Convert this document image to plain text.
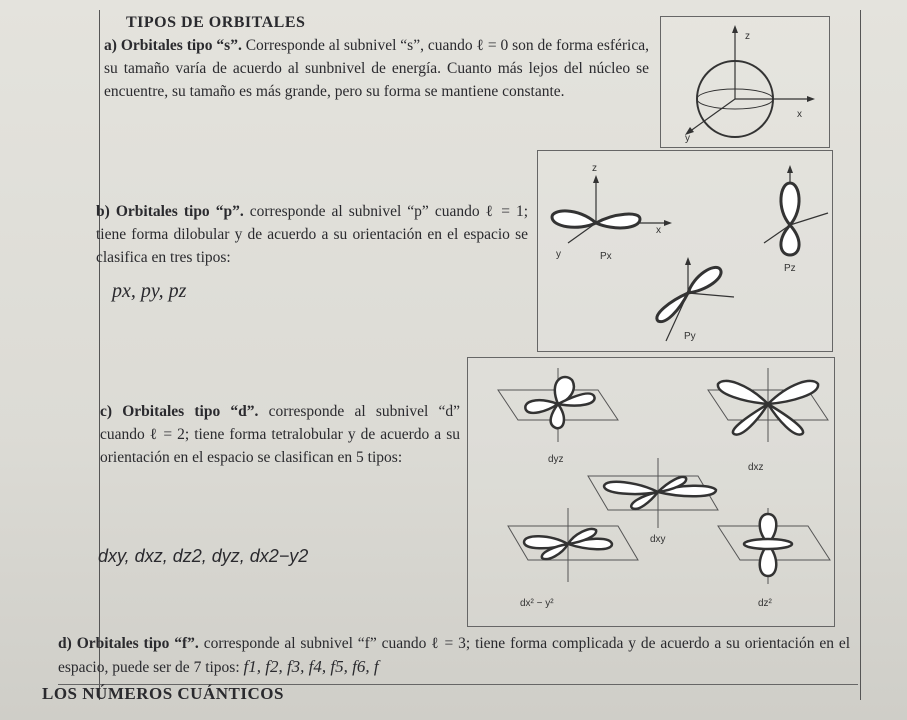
TIPOS DE ORBITALES
a) Orbitales tipo “s”. Corresponde al subnivel “s”, cuando ℓ = 0 son de forma esférica, su tamaño varía de acuerdo al sunbnivel de energía. Cuanto más lejos del núcleo se encuentre, su tamaño es más grande, pero su forma se mantiene constante.
z
x
y
b) Orbitales tipo “p”. corresponde al subnivel “p” cuando ℓ = 1; tiene forma dilobular y de acuerdo a su orientación en el espacio se clasifica en tres tipos:
px, py, pz
z
x
y	Px
Pz
Py
c) Orbitales tipo “d”. corresponde al subnivel “d” cuando ℓ = 2; tiene forma tetralobular y de acuerdo a su orientación en el espacio se clasifican en 5 tipos:
dxy, dxz, dz2, dyz, dx2−y2
dyz
dxz
dxy
dx² − y²	dz²
d) Orbitales tipo “f”. corresponde al subnivel “f” cuando ℓ = 3; tiene forma complicada y de acuerdo a su orientación en el espacio, puede ser de 7 tipos: f1, f2, f3, f4, f5, f6, f
LOS NÚMEROS CUÁNTICOS
